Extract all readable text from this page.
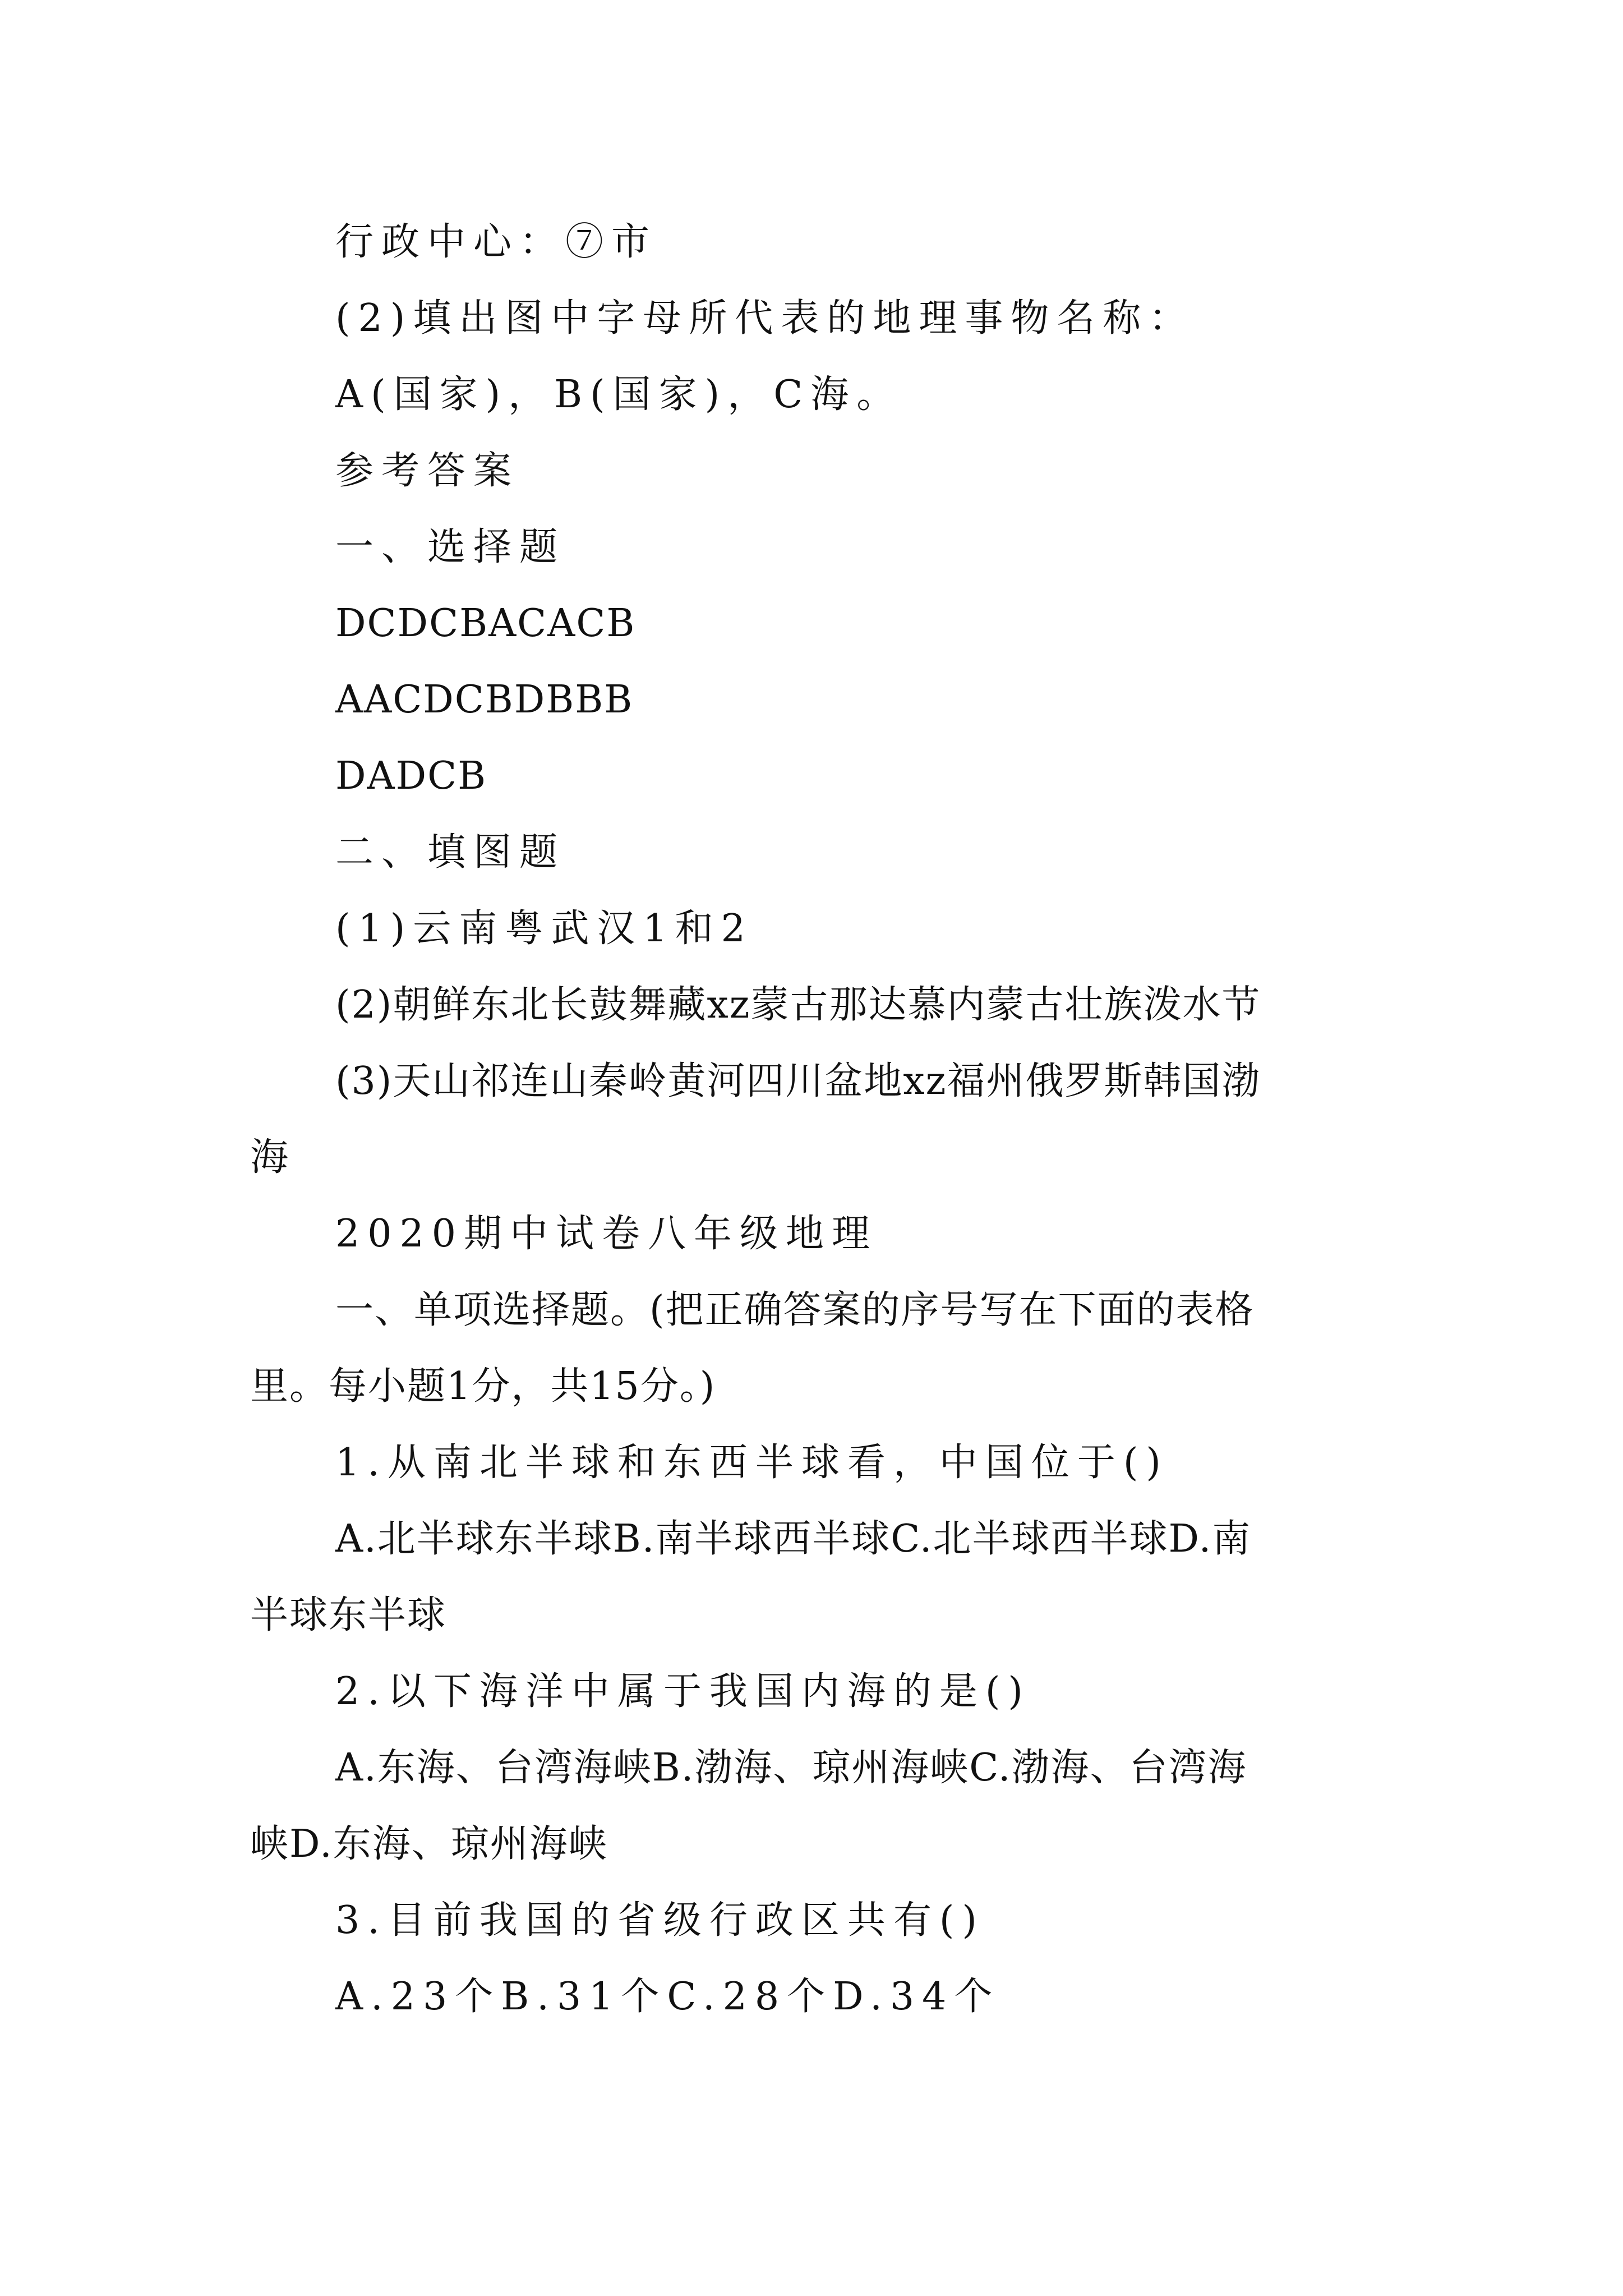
行政中心：⑦市
(2)填出图中字母所代表的地理事物名称：
A(国家)，B(国家)，C海。
参考答案
一、选择题
DCDCBACACB
AACDCBDBBB
DADCB
二、填图题
(1)云南粤武汉1和2
(2)朝鲜东北长鼓舞藏xz蒙古那达慕内蒙古壮族泼水节
(3)天山祁连山秦岭黄河四川盆地xz福州俄罗斯韩国渤
海
2020期中试卷八年级地理
一、单项选择题。(把正确答案的序号写在下面的表格
里。每小题1分，共15分。)
1.从南北半球和东西半球看，中国位于()
A.北半球东半球B.南半球西半球C.北半球西半球D.南
半球东半球
2.以下海洋中属于我国内海的是()
A.东海、台湾海峡B.渤海、琼州海峡C.渤海、台湾海
峡D.东海、琼州海峡
3.目前我国的省级行政区共有()
A.23个B.31个C.28个D.34个
